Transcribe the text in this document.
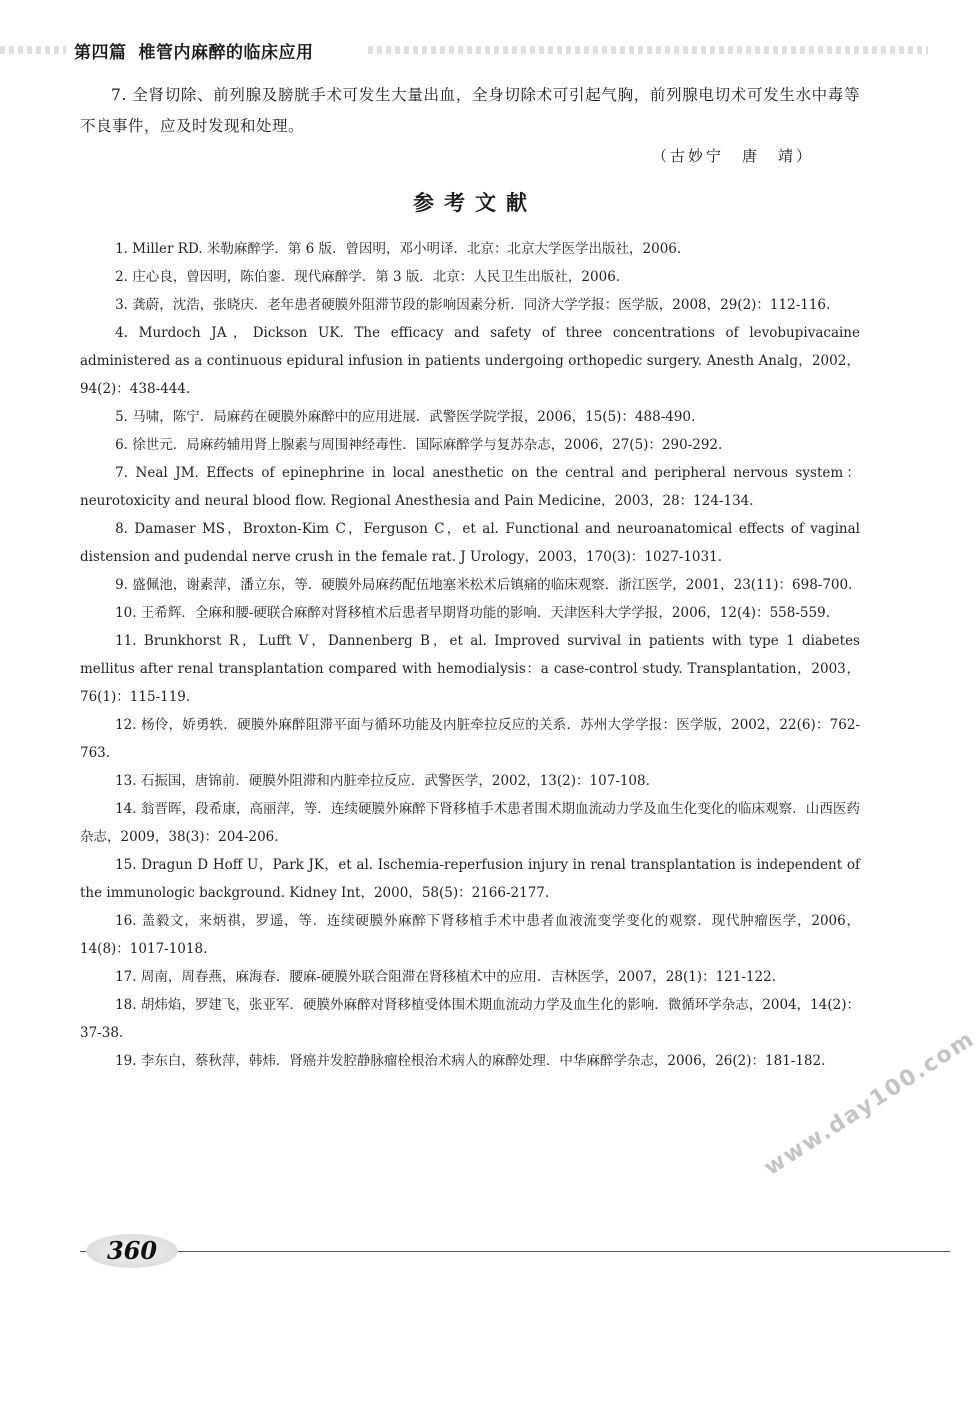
第四篇 椎管内麻醉的临床应用

7. 全肾切除、前列腺及膀胱手术可发生大量出血，全身切除术可引起气胸，前列腺电切术可发生水中毒等不良事件，应及时发现和处理。

（古妙宁　唐　靖）
参考文献

1. Miller RD. 米勒麻醉学．第 6 版．曾因明，邓小明译．北京：北京大学医学出版社，2006.

2. 庄心良，曾因明，陈伯銮．现代麻醉学．第 3 版．北京：人民卫生出版社，2006.

3. 龚蔚，沈浩，张晓庆．老年患者硬膜外阻滞节段的影响因素分析．同济大学学报：医学版，2008，29(2)：112-116.

4. Murdoch JA，Dickson UK. The efficacy and safety of three concentrations of levobupivacaine administered as a continuous epidural infusion in patients undergoing orthopedic surgery. Anesth Analg，2002，94(2)：438-444.

5. 马啸，陈宁．局麻药在硬膜外麻醉中的应用进展．武警医学院学报，2006，15(5)：488-490.

6. 徐世元．局麻药辅用肾上腺素与周围神经毒性．国际麻醉学与复苏杂志，2006，27(5)：290-292.

7. Neal JM. Effects of epinephrine in local anesthetic on the central and peripheral nervous system：neurotoxicity and neural blood flow. Regional Anesthesia and Pain Medicine，2003，28：124-134.

8. Damaser MS，Broxton-Kim C，Ferguson C，et al. Functional and neuroanatomical effects of vaginal distension and pudendal nerve crush in the female rat. J Urology，2003，170(3)：1027-1031.

9. 盛佩池，谢素萍，潘立东，等．硬膜外局麻药配伍地塞米松术后镇痛的临床观察．浙江医学，2001，23(11)：698-700.

10. 王希辉．全麻和腰-硬联合麻醉对肾移植术后患者早期肾功能的影响．天津医科大学学报，2006，12(4)：558-559.

11. Brunkhorst R，Lufft V，Dannenberg B，et al. Improved survival in patients with type 1 diabetes mellitus after renal transplantation compared with hemodialysis：a case-control study. Transplantation，2003，76(1)：115-119.

12. 杨伶，娇勇轶．硬膜外麻醉阻滞平面与循环功能及内脏牵拉反应的关系．苏州大学学报：医学版，2002，22(6)：762-763.

13. 石振国，唐锦前．硬膜外阻滞和内脏牵拉反应．武警医学，2002，13(2)：107-108.

14. 翁晋晖，段希康，高丽萍，等．连续硬膜外麻醉下肾移植手术患者围术期血流动力学及血生化变化的临床观察．山西医药杂志，2009，38(3)：204-206.

15. Dragun D Hoff U，Park JK，et al. Ischemia-reperfusion injury in renal transplantation is independent of the immunologic background. Kidney Int，2000，58(5)：2166-2177.

16. 盖毅文，来炳祺，罗遥，等．连续硬膜外麻醉下肾移植手术中患者血液流变学变化的观察．现代肿瘤医学，2006，14(8)：1017-1018.

17. 周南，周春燕，麻海春．腰麻-硬膜外联合阻滞在肾移植术中的应用．吉林医学，2007，28(1)：121-122.

18. 胡炜焰，罗建飞，张亚军．硬膜外麻醉对肾移植受体围术期血流动力学及血生化的影响．微循环学杂志，2004，14(2)：37-38.

19. 李东白，蔡秋萍，韩炜．肾癌并发腔静脉瘤栓根治术病人的麻醉处理．中华麻醉学杂志，2006，26(2)：181-182.

www.day100.com
360
